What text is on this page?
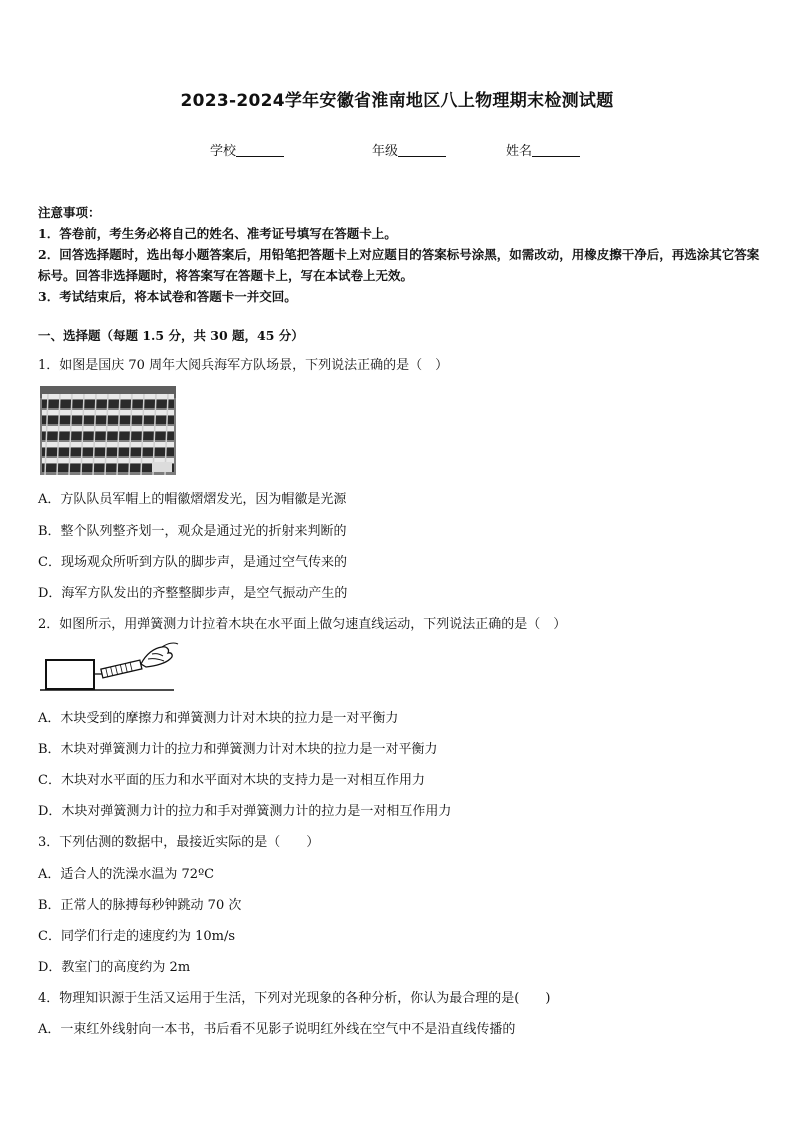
2023-2024学年安徽省淮南地区八上物理期末检测试题
学校	年级	姓名

注意事项：

1．答卷前，考生务必将自己的姓名、准考证号填写在答题卡上。

2．回答选择题时，选出每小题答案后，用铅笔把答题卡上对应题目的答案标号涂黑，如需改动，用橡皮擦干净后，再选涂其它答案标号。回答非选择题时，将答案写在答题卡上，写在本试卷上无效。

3．考试结束后，将本试卷和答题卡一并交回。

一、选择题（每题 1.5 分，共 30 题，45 分）
1．如图是国庆 70 周年大阅兵海军方队场景，下列说法正确的是（　）
A．方队队员军帽上的帽徽熠熠发光，因为帽徽是光源
B．整个队列整齐划一，观众是通过光的折射来判断的
C．现场观众所听到方队的脚步声，是通过空气传来的
D．海军方队发出的齐整整脚步声，是空气振动产生的
2．如图所示，用弹簧测力计拉着木块在水平面上做匀速直线运动，下列说法正确的是（　）
A．木块受到的摩擦力和弹簧测力计对木块的拉力是一对平衡力
B．木块对弹簧测力计的拉力和弹簧测力计对木块的拉力是一对平衡力
C．木块对水平面的压力和水平面对木块的支持力是一对相互作用力
D．木块对弹簧测力计的拉力和手对弹簧测力计的拉力是一对相互作用力
3．下列估测的数据中，最接近实际的是（　　）
A．适合人的洗澡水温为 72ºC
B．正常人的脉搏每秒钟跳动 70 次
C．同学们行走的速度约为 10m/s
D．教室门的高度约为 2m
4．物理知识源于生活又运用于生活，下列对光现象的各种分析，你认为最合理的是(　　)
A．一束红外线射向一本书，书后看不见影子说明红外线在空气中不是沿直线传播的
